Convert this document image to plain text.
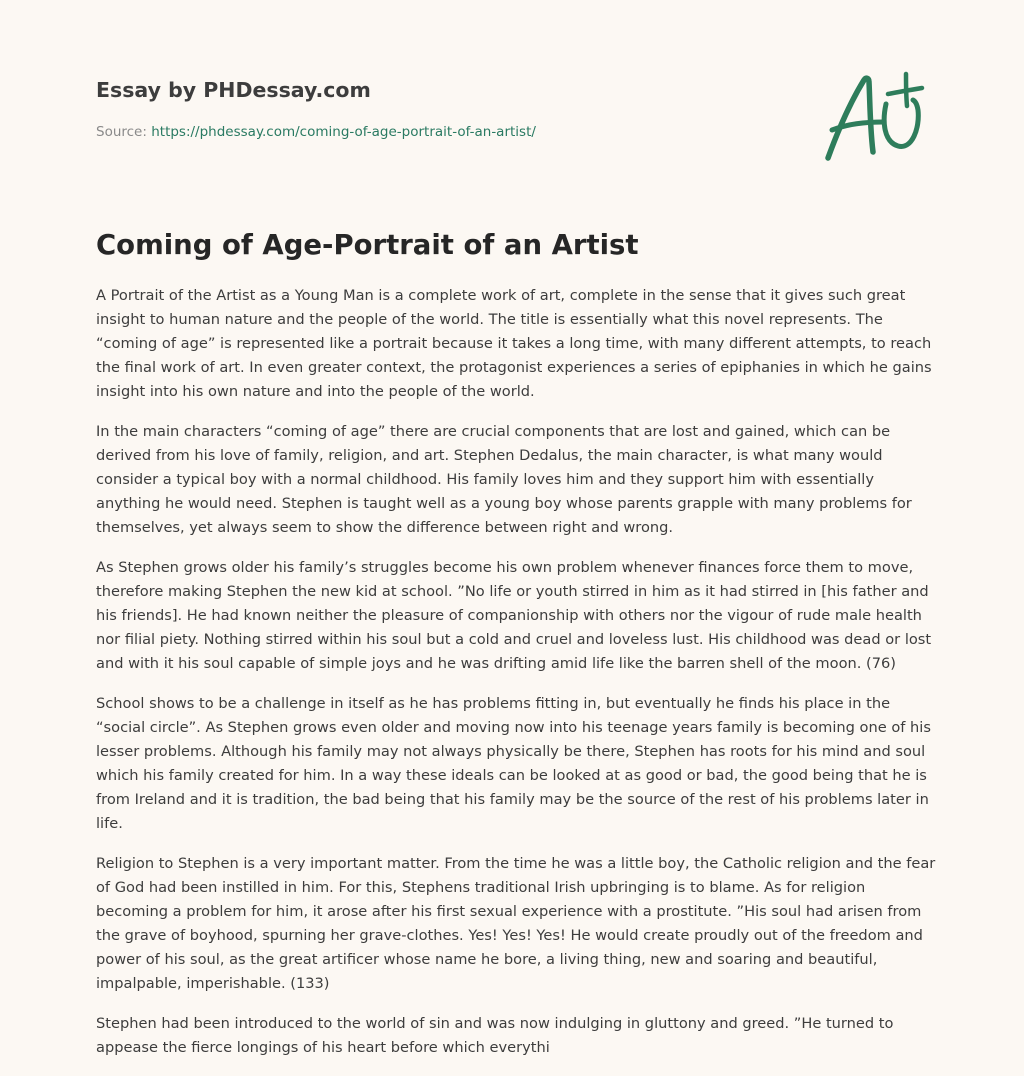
Essay by PHDessay.com
Source: https://phdessay.com/coming-of-age-portrait-of-an-artist/
Coming of Age-Portrait of an Artist

A Portrait of the Artist as a Young Man is a complete work of art, complete in the sense that it gives such great insight to human nature and the people of the world. The title is essentially what this novel represents. The “coming of age” is represented like a portrait because it takes a long time, with many different attempts, to reach the final work of art. In even greater context, the protagonist experiences a series of epiphanies in which he gains insight into his own nature and into the people of the world.

In the main characters “coming of age” there are crucial components that are lost and gained, which can be derived from his love of family, religion, and art. Stephen Dedalus, the main character, is what many would consider a typical boy with a normal childhood. His family loves him and they support him with essentially anything he would need. Stephen is taught well as a young boy whose parents grapple with many problems for themselves, yet always seem to show the difference between right and wrong.

As Stephen grows older his family’s struggles become his own problem whenever finances force them to move, therefore making Stephen the new kid at school. ”No life or youth stirred in him as it had stirred in [his father and his friends]. He had known neither the pleasure of companionship with others nor the vigour of rude male health nor filial piety. Nothing stirred within his soul but a cold and cruel and loveless lust. His childhood was dead or lost and with it his soul capable of simple joys and he was drifting amid life like the barren shell of the moon. (76)

School shows to be a challenge in itself as he has problems fitting in, but eventually he finds his place in the “social circle”. As Stephen grows even older and moving now into his teenage years family is becoming one of his lesser problems. Although his family may not always physically be there, Stephen has roots for his mind and soul which his family created for him. In a way these ideals can be looked at as good or bad, the good being that he is from Ireland and it is tradition, the bad being that his family may be the source of the rest of his problems later in life.

Religion to Stephen is a very important matter. From the time he was a little boy, the Catholic religion and the fear of God had been instilled in him. For this, Stephens traditional Irish upbringing is to blame. As for religion becoming a problem for him, it arose after his first sexual experience with a prostitute. ”His soul had arisen from the grave of boyhood, spurning her grave-clothes. Yes! Yes! Yes! He would create proudly out of the freedom and power of his soul, as the great artificer whose name he bore, a living thing, new and soaring and beautiful, impalpable, imperishable. (133)

Stephen had been introduced to the world of sin and was now indulging in gluttony and greed. ”He turned to appease the fierce longings of his heart before which everythi
